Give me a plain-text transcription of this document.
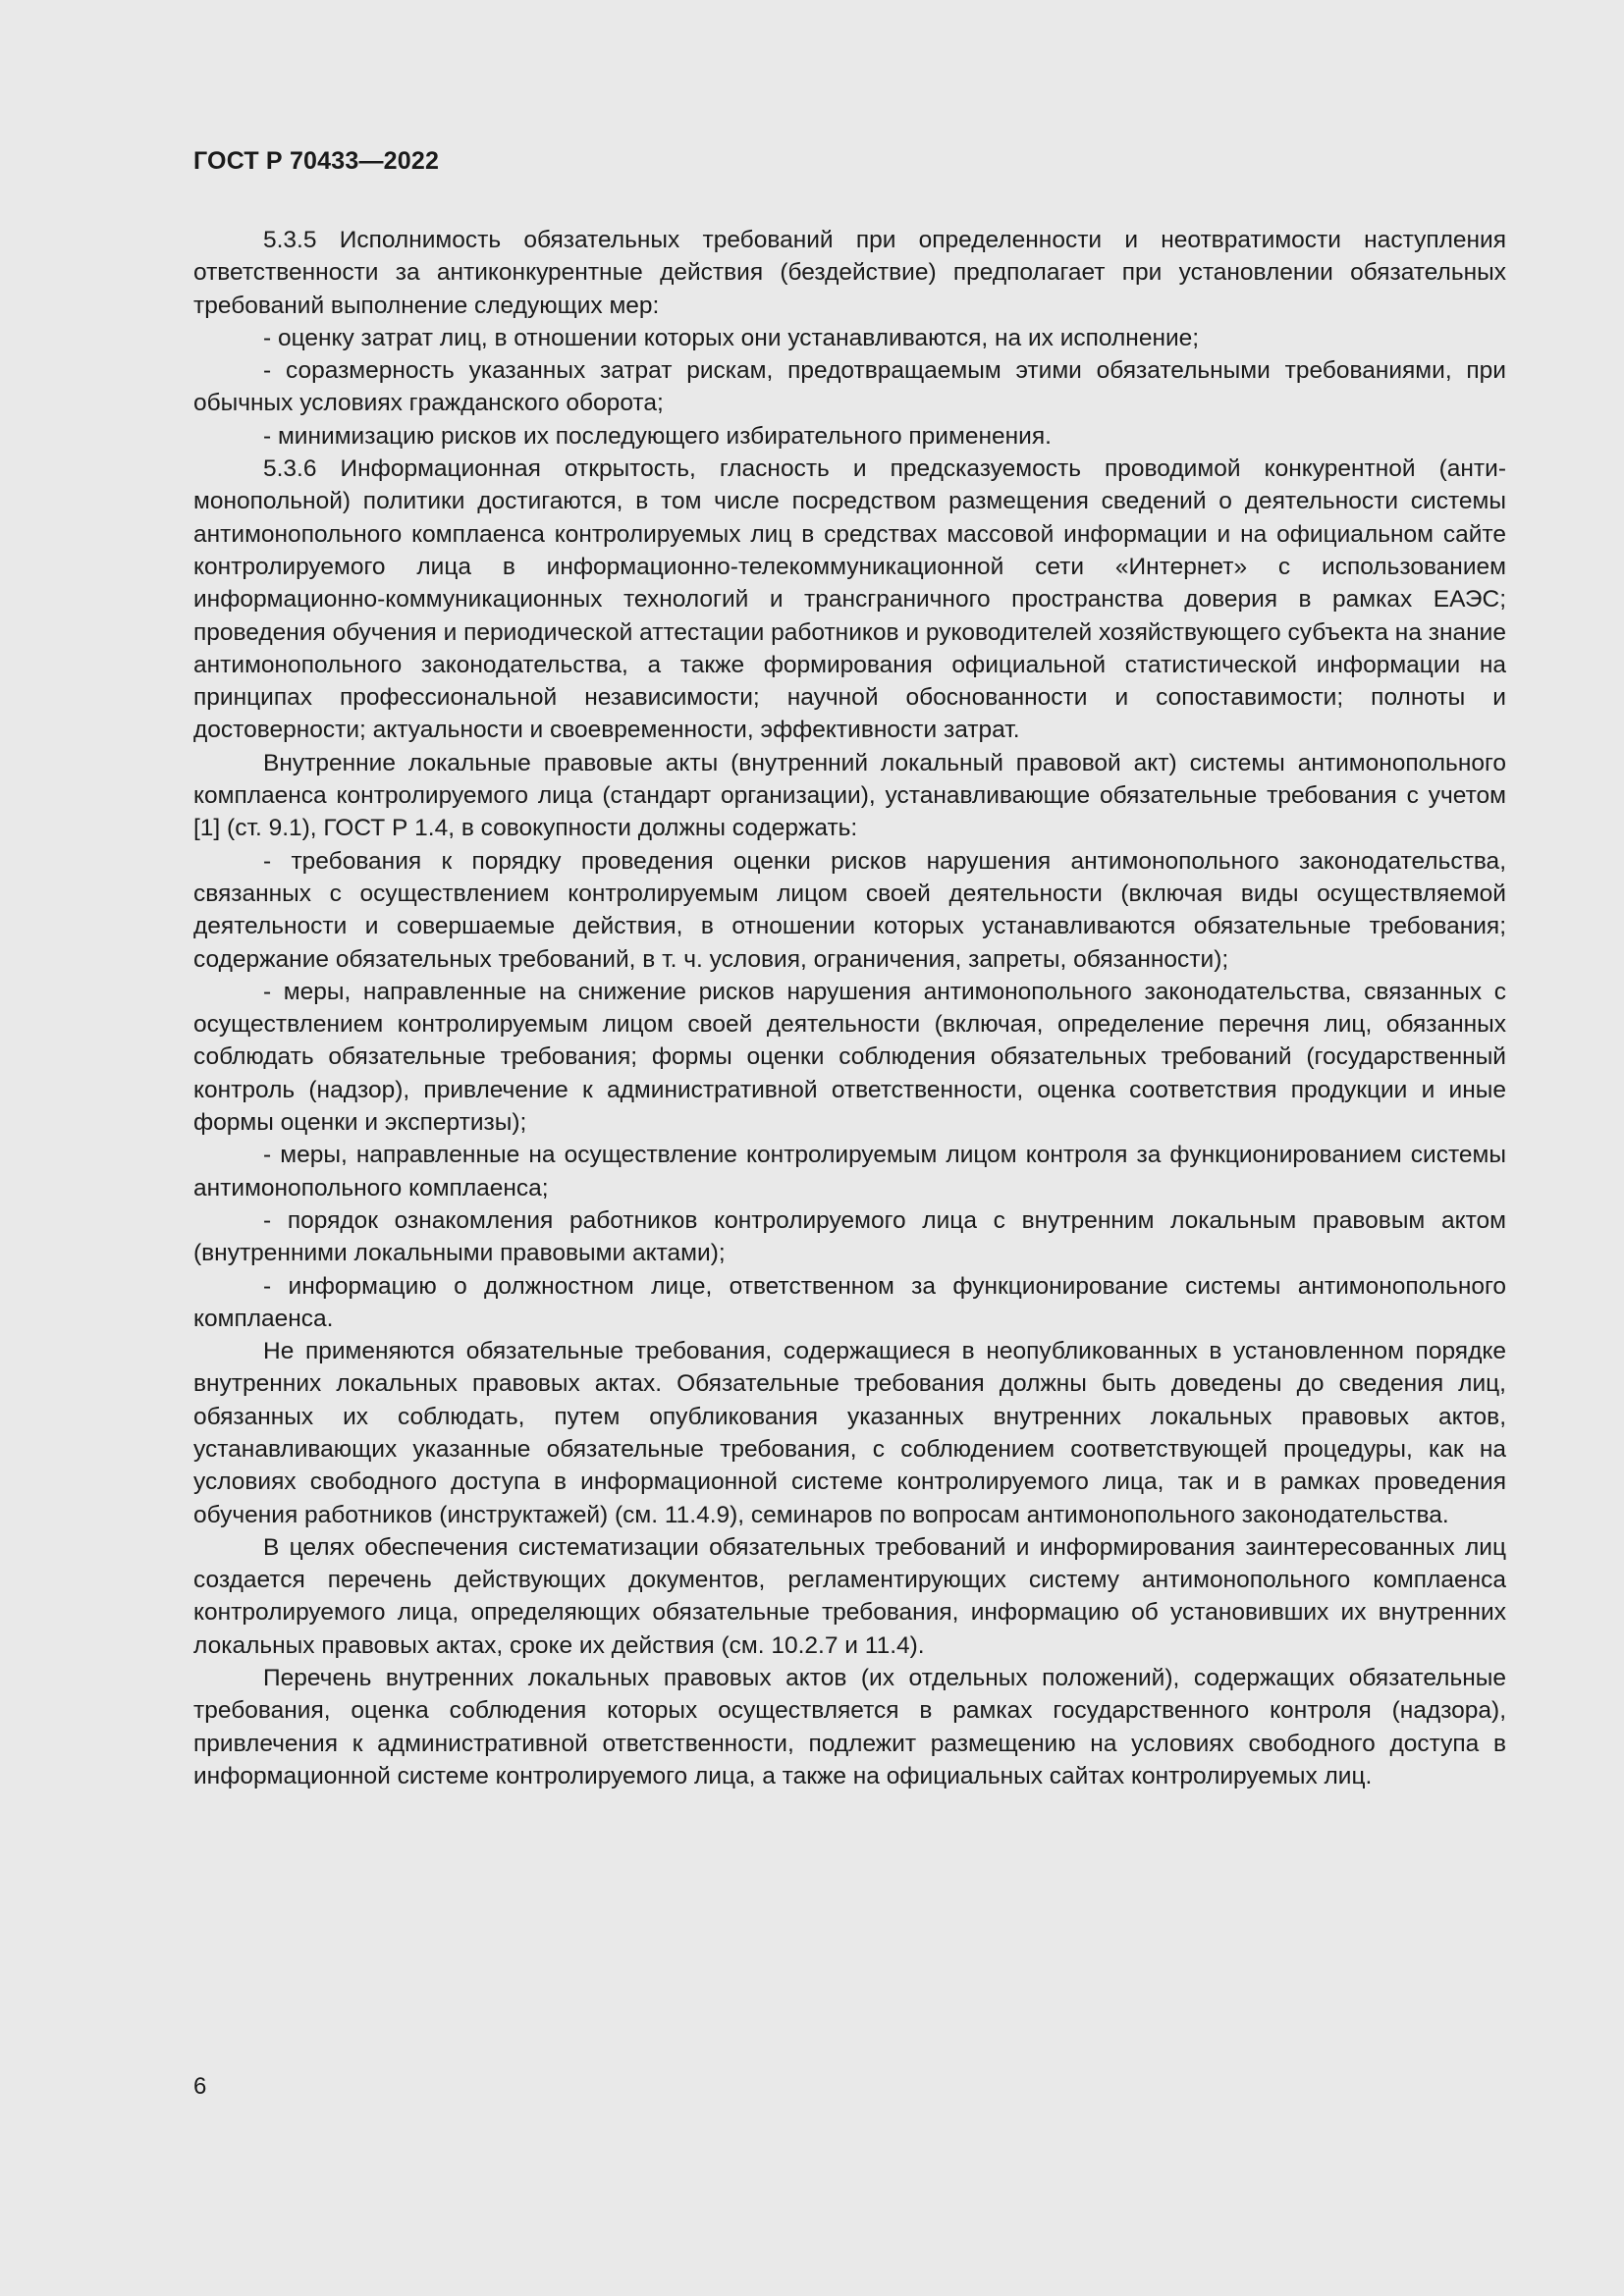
ГОСТ Р 70433—2022

5.3.5 Исполнимость обязательных требований при определенности и неотвратимости наступления ответственности за антиконкурентные действия (бездействие) предполагает при установлении обязательных требований выполнение следующих мер:

- оценку затрат лиц, в отношении которых они устанавливаются, на их исполнение;

- соразмерность указанных затрат рискам, предотвращаемым этими обязательными требованиями, при обычных условиях гражданского оборота;

- минимизацию рисков их последующего избирательного применения.

5.3.6 Информационная открытость, гласность и предсказуемость проводимой конкурентной (антимонопольной) политики достигаются, в том числе посредством размещения сведений о деятельности системы антимонопольного комплаенса контролируемых лиц в средствах массовой информации и на официальном сайте контролируемого лица в информационно-телекоммуникационной сети «Интернет» с использованием информационно-коммуникационных технологий и трансграничного пространства доверия в рамках ЕАЭС; проведения обучения и периодической аттестации работников и руководителей хозяйствующего субъекта на знание антимонопольного законодательства, а также формирования официальной статистической информации на принципах профессиональной независимости; научной обоснованности и сопоставимости; полноты и достоверности; актуальности и своевременности, эффективности затрат.

Внутренние локальные правовые акты (внутренний локальный правовой акт) системы антимонопольного комплаенса контролируемого лица (стандарт организации), устанавливающие обязательные требования с учетом [1] (ст. 9.1), ГОСТ Р 1.4, в совокупности должны содержать:

- требования к порядку проведения оценки рисков нарушения антимонопольного законодательства, связанных с осуществлением контролируемым лицом своей деятельности (включая виды осуществляемой деятельности и совершаемые действия, в отношении которых устанавливаются обязательные требования; содержание обязательных требований, в т. ч. условия, ограничения, запреты, обязанности);

- меры, направленные на снижение рисков нарушения антимонопольного законодательства, связанных с осуществлением контролируемым лицом своей деятельности (включая, определение перечня лиц, обязанных соблюдать обязательные требования; формы оценки соблюдения обязательных требований (государственный контроль (надзор), привлечение к административной ответственности, оценка соответствия продукции и иные формы оценки и экспертизы);

- меры, направленные на осуществление контролируемым лицом контроля за функционированием системы антимонопольного комплаенса;

- порядок ознакомления работников контролируемого лица с внутренним локальным правовым актом (внутренними локальными правовыми актами);

- информацию о должностном лице, ответственном за функционирование системы антимонопольного комплаенса.

Не применяются обязательные требования, содержащиеся в неопубликованных в установленном порядке внутренних локальных правовых актах. Обязательные требования должны быть доведены до сведения лиц, обязанных их соблюдать, путем опубликования указанных внутренних локальных правовых актов, устанавливающих указанные обязательные требования, с соблюдением соответствующей процедуры, как на условиях свободного доступа в информационной системе контролируемого лица, так и в рамках проведения обучения работников (инструктажей) (см. 11.4.9), семинаров по вопросам антимонопольного законодательства.

В целях обеспечения систематизации обязательных требований и информирования заинтересованных лиц создается перечень действующих документов, регламентирующих систему антимонопольного комплаенса контролируемого лица, определяющих обязательные требования, информацию об установивших их внутренних локальных правовых актах, сроке их действия (см. 10.2.7 и 11.4).

Перечень внутренних локальных правовых актов (их отдельных положений), содержащих обязательные требования, оценка соблюдения которых осуществляется в рамках государственного контроля (надзора), привлечения к административной ответственности, подлежит размещению на условиях свободного доступа в информационной системе контролируемого лица, а также на официальных сайтах контролируемых лиц.

6
